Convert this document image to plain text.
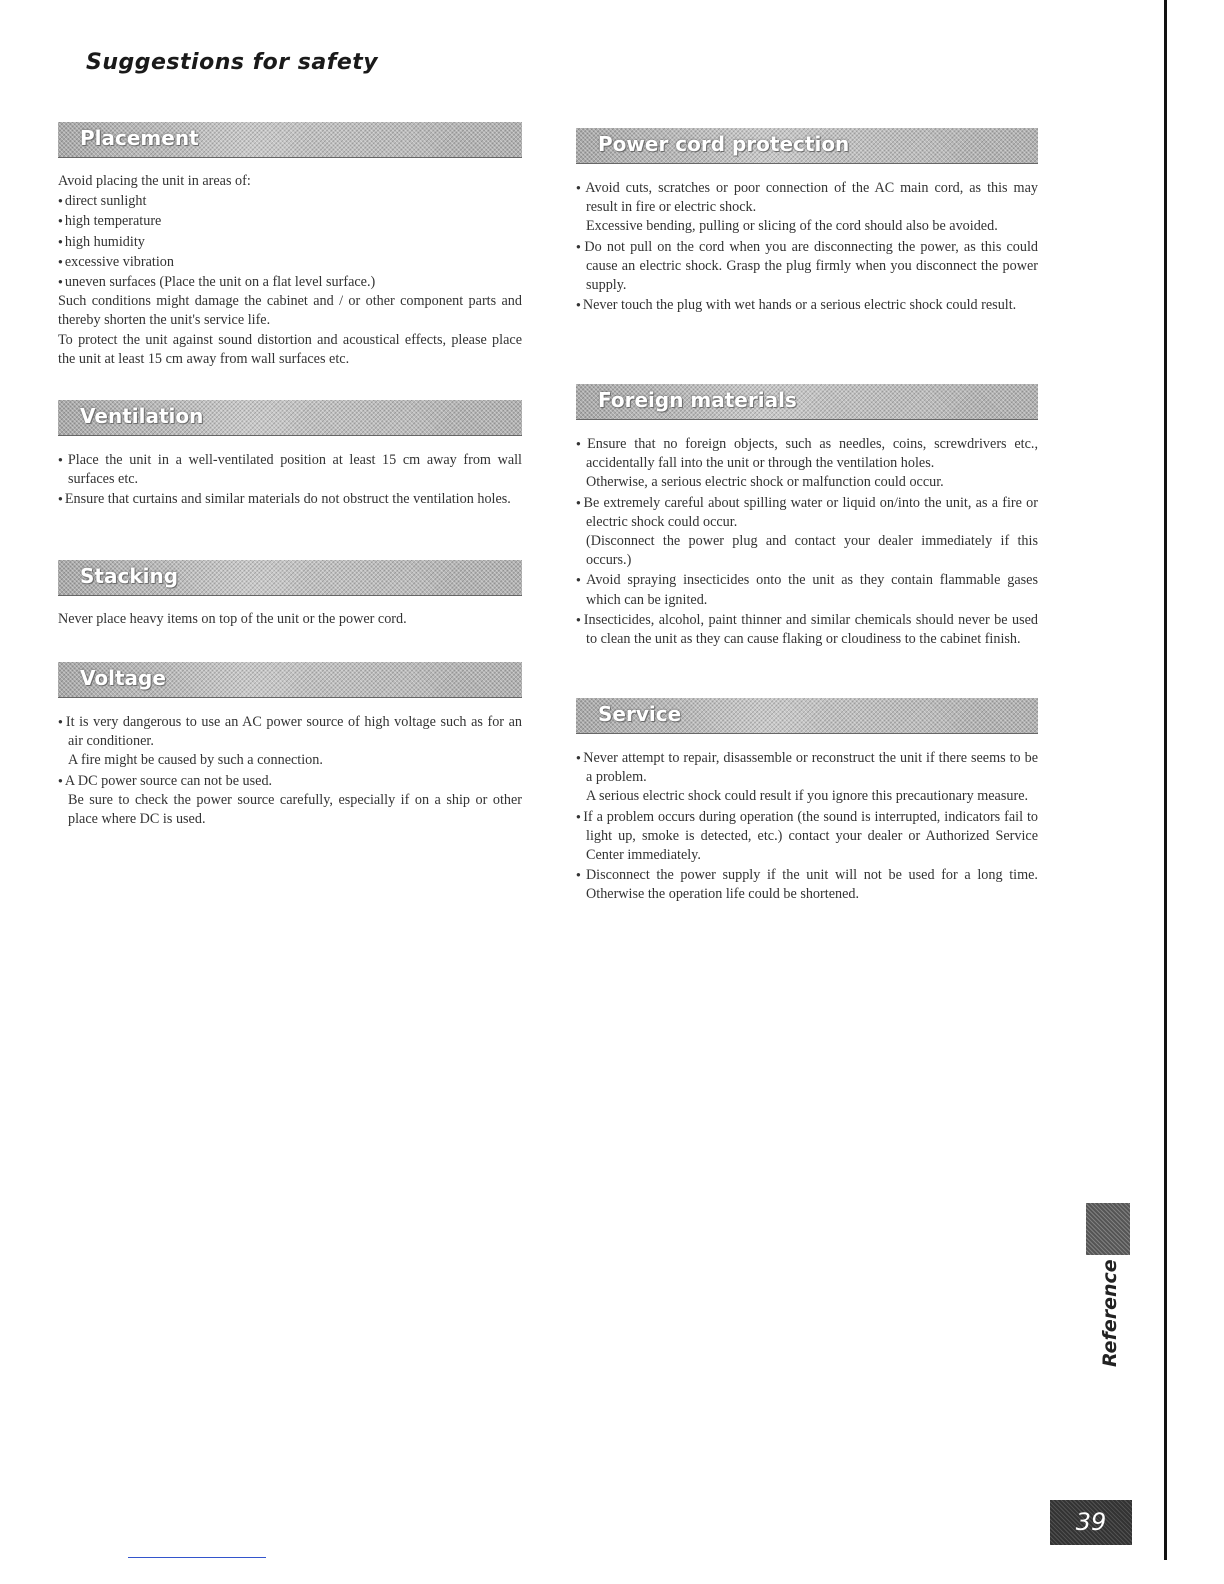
Suggestions for safety
Placement

Avoid placing the unit in areas of:

● direct sunlight

● high temperature

● high humidity

● excessive vibration

● uneven surfaces (Place the unit on a flat level surface.)

Such conditions might damage the cabinet and / or other component parts and thereby shorten the unit's service life.

To protect the unit against sound distortion and acoustical effects, please place the unit at least 15 cm away from wall surfaces etc.

Ventilation

● Place the unit in a well-ventilated position at least 15 cm away from wall surfaces etc.

● Ensure that curtains and similar materials do not obstruct the ventilation holes.

Stacking

Never place heavy items on top of the unit or the power cord.

Voltage

● It is very dangerous to use an AC power source of high voltage such as for an air conditioner.

A fire might be caused by such a connection.

● A DC power source can not be used.

Be sure to check the power source carefully, especially if on a ship or other place where DC is used.

Power cord protection

● Avoid cuts, scratches or poor connection of the AC main cord, as this may result in fire or electric shock.

Excessive bending, pulling or slicing of the cord should also be avoided.

● Do not pull on the cord when you are disconnecting the power, as this could cause an electric shock. Grasp the plug firmly when you disconnect the power supply.

● Never touch the plug with wet hands or a serious electric shock could result.

Foreign materials

● Ensure that no foreign objects, such as needles, coins, screwdrivers etc., accidentally fall into the unit or through the ventilation holes.

Otherwise, a serious electric shock or malfunction could occur.

● Be extremely careful about spilling water or liquid on/into the unit, as a fire or electric shock could occur.

(Disconnect the power plug and contact your dealer immediately if this occurs.)

● Avoid spraying insecticides onto the unit as they contain flammable gases which can be ignited.

● Insecticides, alcohol, paint thinner and similar chemicals should never be used to clean the unit as they can cause flaking or cloudiness to the cabinet finish.

Service

● Never attempt to repair, disassemble or reconstruct the unit if there seems to be a problem.

A serious electric shock could result if you ignore this precautionary measure.

● If a problem occurs during operation (the sound is interrupted, indicators fail to light up, smoke is detected, etc.) contact your dealer or Authorized Service Center immediately.

● Disconnect the power supply if the unit will not be used for a long time. Otherwise the operation life could be shortened.

Reference
39
